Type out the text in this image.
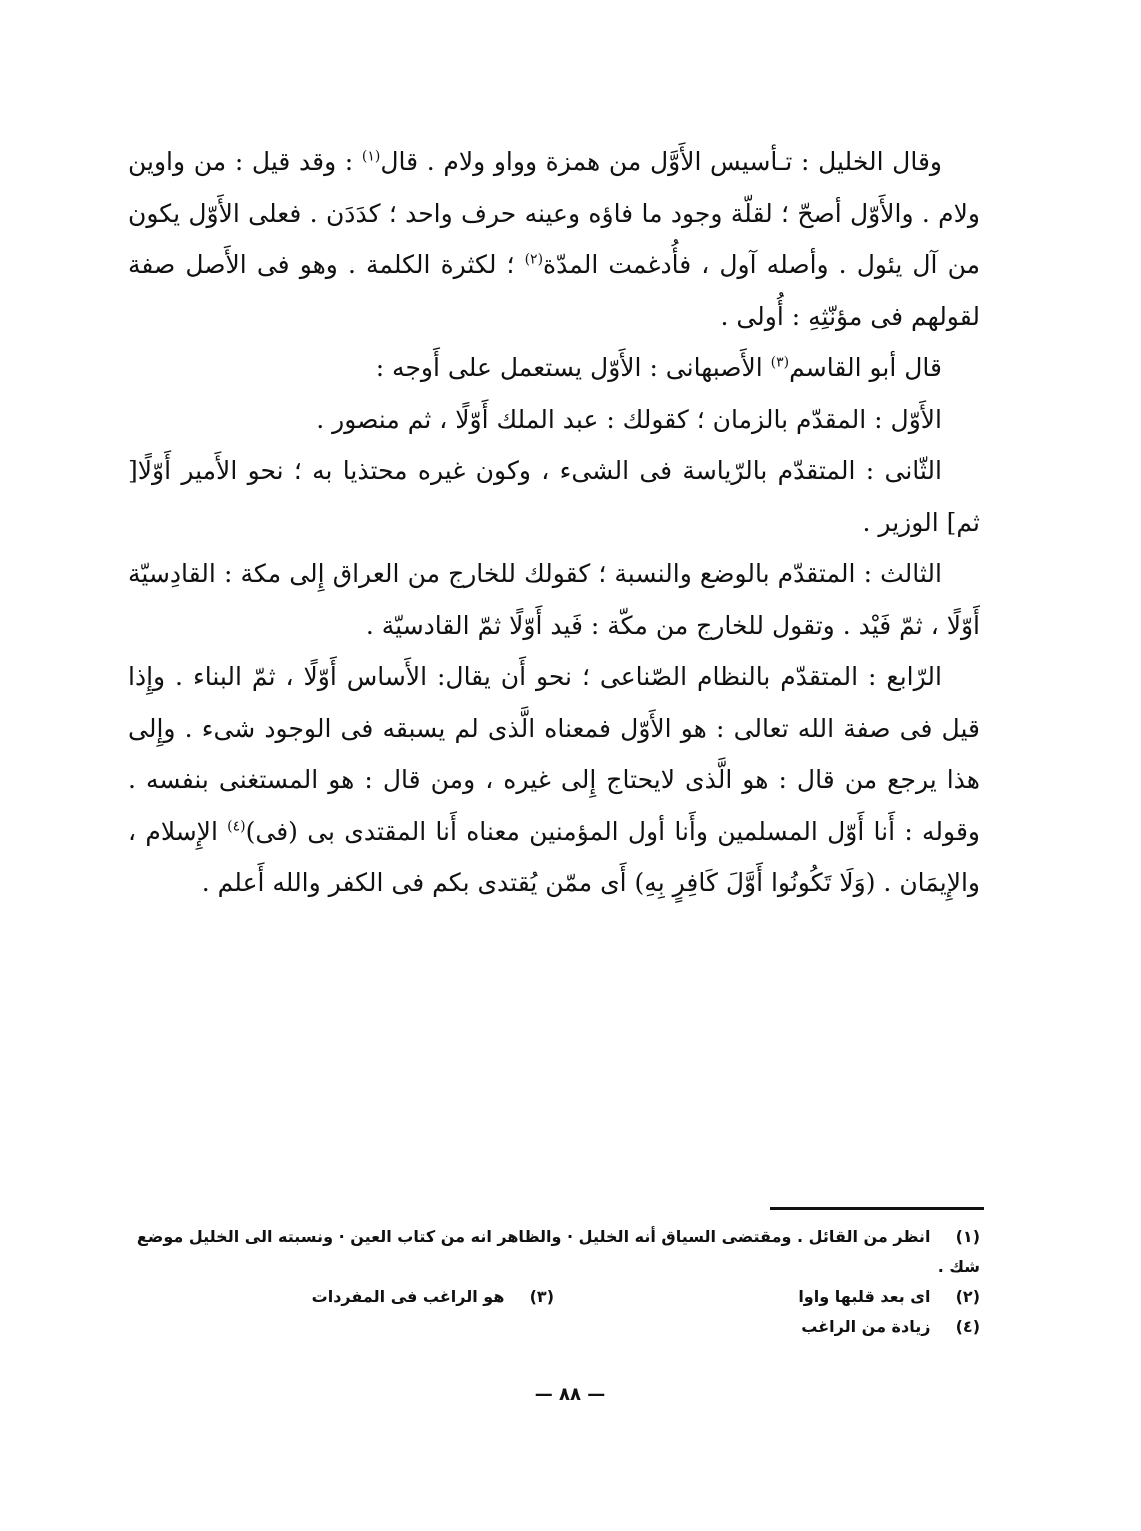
وقال الخليل : تـأسيس الأَوَّل من همزة وواو ولام . قال$^{(١)}$ : وقد قيل : من واوين ولام . والأَوّل أصحّ ؛ لقلّة وجود ما فاؤه وعينه حرف واحد ؛ كدَدَن . فعلى الأَوّل يكون من آل يئول . وأصله آول ، فأُدغمت المدّة$^{(٢)}$ ؛ لكثرة الكلمة . وهو فى الأَصل صفة لقولهم فى مؤنّثِهِ : أُولى .

قال أبو القاسم$^{(٣)}$ الأَصبهانى : الأَوّل يستعمل على أَوجه :

الأَوّل : المقدّم بالزمان ؛ كقولك : عبد الملك أَوّلًا ، ثم منصور .

الثّانى : المتقدّم بالرّياسة فى الشىء ، وكون غيره محتذيا به ؛ نحو الأَمير أَوّلًا[ ثم] الوزير .

الثالث : المتقدّم بالوضع والنسبة ؛ كقولك للخارج من العراق إِلى مكة : القادِسيّة أَوّلًا ، ثمّ فَيْد . وتقول للخارج من مكّة : فَيد أَوّلًا ثمّ القادسيّة .

الرّابع : المتقدّم بالنظام الصّناعى ؛ نحو أَن يقال: الأَساس أَوّلًا ، ثمّ البناء . وإِذا قيل فى صفة الله تعالى : هو الأَوّل فمعناه الَّذى لم يسبقه فى الوجود شىء . وإِلى هذا يرجع من قال : هو الَّذى لايحتاج إِلى غيره ، ومن قال : هو المستغنى بنفسه . وقوله : أَنا أَوّل المسلمين وأَنا أول المؤمنين معناه أَنا المقتدى بى (فى)$^{(٤)}$ الإِسلام ، والإِيمَان . (وَلَا تَكُونُوا أَوَّلَ كَافِرٍ بِهِ) أَى ممّن يُقتدى بكم فى الكفر والله أَعلم .

(١) انظر من القائل . ومقتضى السياق أنه الخليل · والظاهر انه من كتاب العين · ونسبته الى الخليل موضع شك .
(٢) اى بعد قلبها واوا
(٣) هو الراغب فى المفردات
(٤) زيادة من الراغب
— ٨٨ —
